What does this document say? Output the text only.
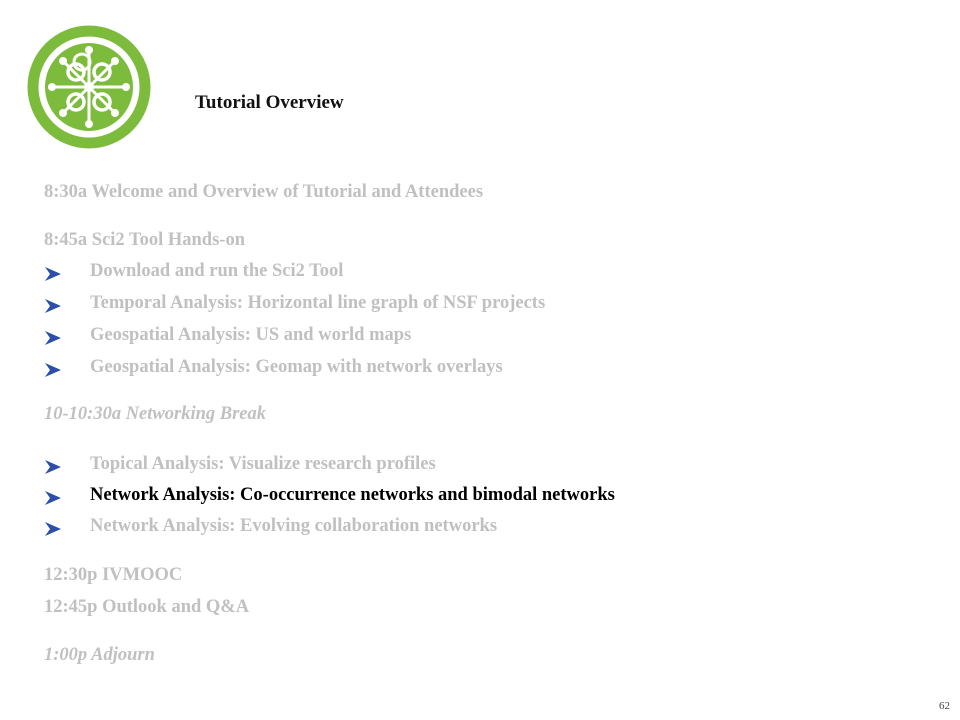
Tutorial Overview
8:30a Welcome and Overview of Tutorial and Attendees
8:45a Sci2 Tool Hands-on
Download and run the Sci2 Tool
Temporal Analysis: Horizontal line graph of NSF projects
Geospatial Analysis: US and world maps
Geospatial Analysis: Geomap with network overlays
10-10:30a Networking Break
Topical Analysis: Visualize research profiles
Network Analysis: Co-occurrence networks and bimodal networks
Network Analysis: Evolving collaboration networks
12:30p IVMOOC
12:45p Outlook and Q&A
1:00p Adjourn
62
